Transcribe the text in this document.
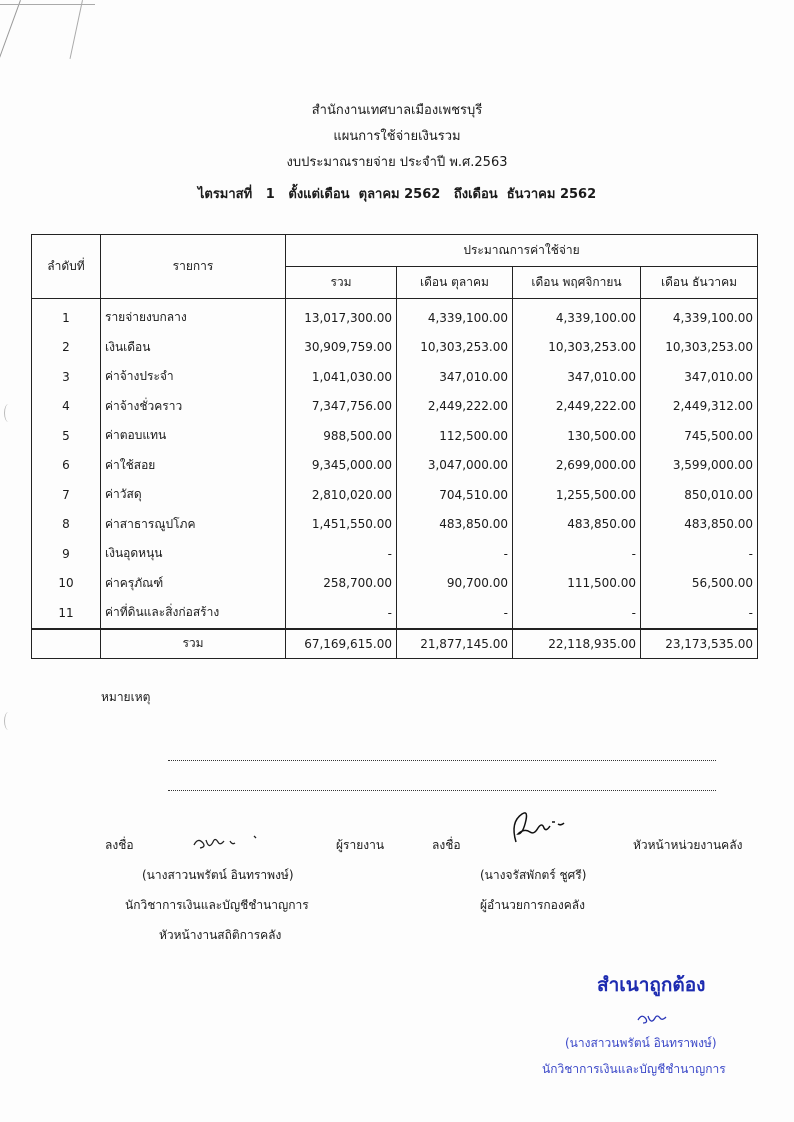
สำนักงานเทศบาลเมืองเพชรบุรี
แผนการใช้จ่ายเงินรวม
งบประมาณรายจ่าย ประจำปี พ.ศ.2563
ไตรมาสที่   1   ตั้งแต่เดือน  ตุลาคม 2562   ถึงเดือน  ธันวาคม 2562
ลำดับที่	รายการ	ประมาณการค่าใช้จ่าย			
		รวม	เดือน ตุลาคม	เดือน พฤศจิกายน	เดือน ธันวาคม
1	รายจ่ายงบกลาง	13,017,300.00	4,339,100.00	4,339,100.00	4,339,100.00
2	เงินเดือน	30,909,759.00	10,303,253.00	10,303,253.00	10,303,253.00
3	ค่าจ้างประจำ	1,041,030.00	347,010.00	347,010.00	347,010.00
4	ค่าจ้างชั่วคราว	7,347,756.00	2,449,222.00	2,449,222.00	2,449,312.00
5	ค่าตอบแทน	988,500.00	112,500.00	130,500.00	745,500.00
6	ค่าใช้สอย	9,345,000.00	3,047,000.00	2,699,000.00	3,599,000.00
7	ค่าวัสดุ	2,810,020.00	704,510.00	1,255,500.00	850,010.00
8	ค่าสาธารณูปโภค	1,451,550.00	483,850.00	483,850.00	483,850.00
9	เงินอุดหนุน	-	-	-	-
10	ค่าครุภัณฑ์	258,700.00	90,700.00	111,500.00	56,500.00
11	ค่าที่ดินและสิ่งก่อสร้าง	-	-	-	-
	รวม	67,169,615.00	21,877,145.00	22,118,935.00	23,173,535.00
หมายเหตุ
ลงชื่อ	ผู้รายงาน
(นางสาวนพรัตน์ อินทราพงษ์)
นักวิชาการเงินและบัญชีชำนาญการ
หัวหน้างานสถิติการคลัง
ลงชื่อ	หัวหน้าหน่วยงานคลัง
(นางจรัสพักตร์ ชูศรี)
ผู้อำนวยการกองคลัง
สำเนาถูกต้อง
(นางสาวนพรัตน์ อินทราพงษ์)
นักวิชาการเงินและบัญชีชำนาญการ
